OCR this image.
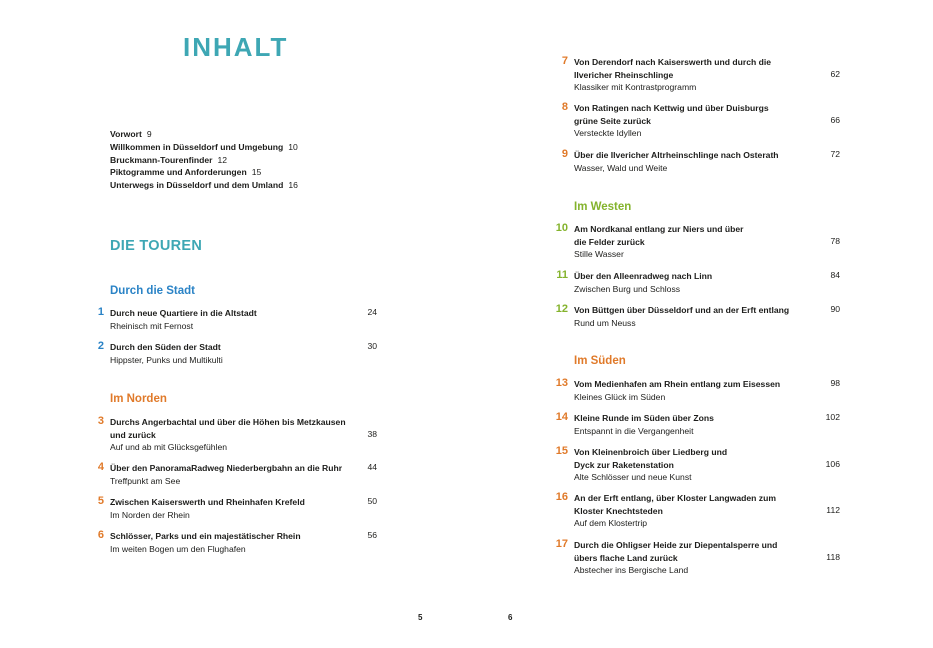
INHALT
Vorwort 9
Willkommen in Düsseldorf und Umgebung 10
Bruckmann-Tourenfinder 12
Piktogramme und Anforderungen 15
Unterwegs in Düsseldorf und dem Umland 16
DIE TOUREN
Durch die Stadt
Im Norden
Im Westen
Im Süden
1 Durch neue Quartiere in die Altstadt
Rheinisch mit Fernost
24
2 Durch den Süden der Stadt
Hippster, Punks und Multikulti
30
3 Durchs Angerbachtal und über die Höhen bis Metzkausen
und zurück
Auf und ab mit Glücksgefühlen
38
4 Über den PanoramaRadweg Niederbergbahn an die Ruhr
Treffpunkt am See
44
5 Zwischen Kaiserswerth und Rheinhafen Krefeld
Im Norden der Rhein
50
6 Schlösser, Parks und ein majestätischer Rhein
Im weiten Bogen um den Flughafen
56
7 Von Derendorf nach Kaiserswerth und durch die
Ilvericher Rheinschlinge
Klassiker mit Kontrastprogramm
62
8 Von Ratingen nach Kettwig und über Duisburgs
grüne Seite zurück
Versteckte Idyllen
66
9 Über die Ilvericher Altrheinschlinge nach Osterath
Wasser, Wald und Weite
72
10 Am Nordkanal entlang zur Niers und über
die Felder zurück
Stille Wasser
78
11 Über den Alleenradweg nach Linn
Zwischen Burg und Schloss
84
12 Von Büttgen über Düsseldorf und an der Erft entlang
Rund um Neuss
90
13 Vom Medienhafen am Rhein entlang zum Eisessen
Kleines Glück im Süden
98
14 Kleine Runde im Süden über Zons
Entspannt in die Vergangenheit
102
15 Von Kleinenbroich über Liedberg und
Dyck zur Raketenstation
Alte Schlösser und neue Kunst
106
16 An der Erft entlang, über Kloster Langwaden zum
Kloster Knechtsteden
Auf dem Klostertrip
112
17 Durch die Ohligser Heide zur Diepentalsperre und
übers flache Land zurück
Abstecher ins Bergische Land
118
5	6
